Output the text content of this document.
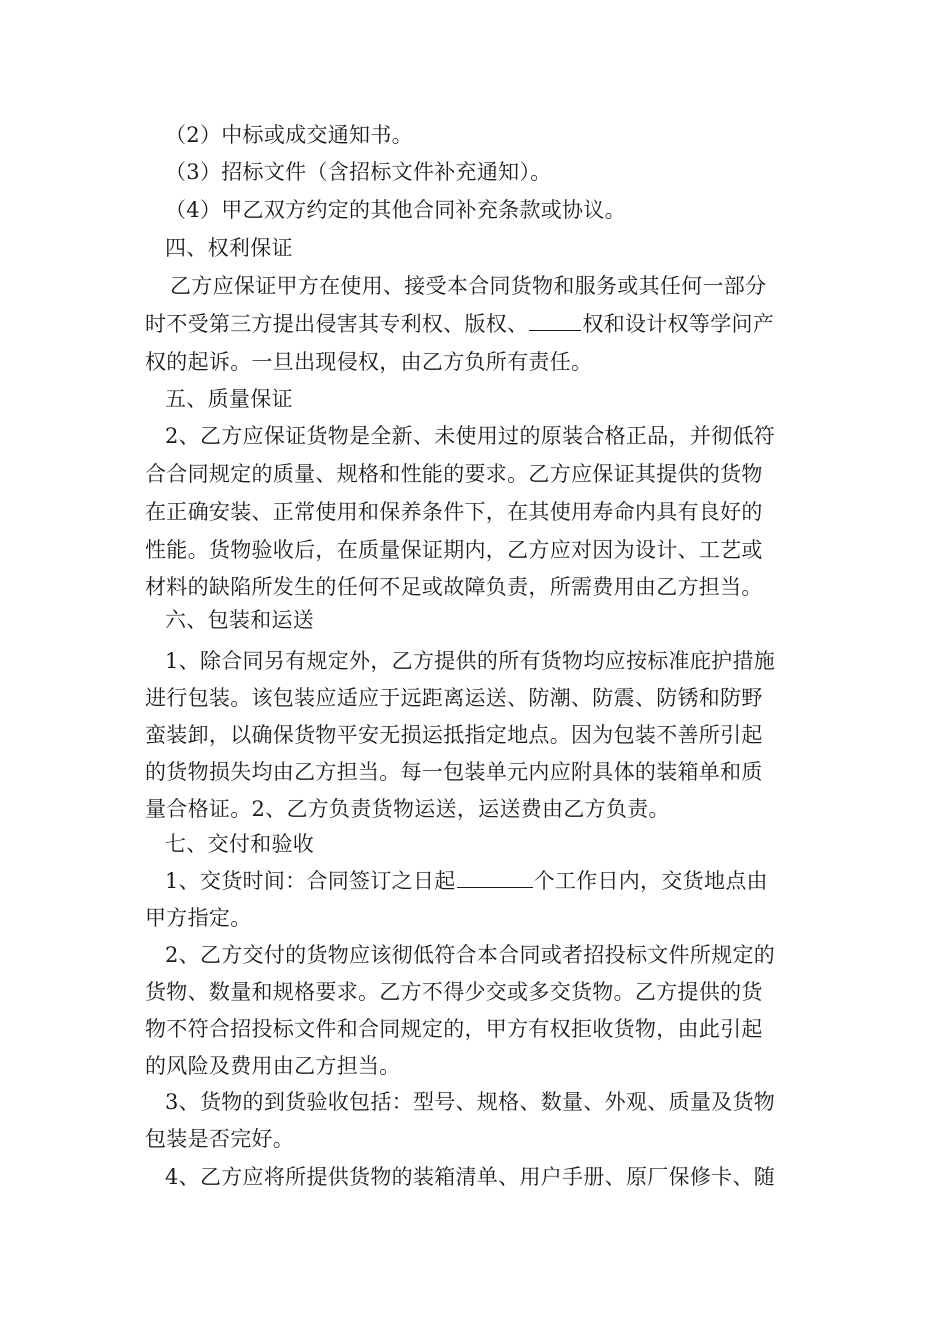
（2）中标或成交通知书。
（3）招标文件（含招标文件补充通知）。
（4）甲乙双方约定的其他合同补充条款或协议。
四、权利保证
乙方应保证甲方在使用、接受本合同货物和服务或其任何一部分
时不受第三方提出侵害其专利权、版权、	权和设计权等学问产
权的起诉。一旦出现侵权，由乙方负所有责任。
五、质量保证
2、乙方应保证货物是全新、未使用过的原装合格正品，并彻低符
合合同规定的质量、规格和性能的要求。乙方应保证其提供的货物
在正确安装、正常使用和保养条件下，在其使用寿命内具有良好的
性能。货物验收后，在质量保证期内，乙方应对因为设计、工艺或
材料的缺陷所发生的任何不足或故障负责，所需费用由乙方担当。
六、包装和运送
1、除合同另有规定外，乙方提供的所有货物均应按标准庇护措施
进行包装。该包装应适应于远距离运送、防潮、防震、防锈和防野
蛮装卸，以确保货物平安无损运抵指定地点。因为包装不善所引起
的货物损失均由乙方担当。每一包装单元内应附具体的装箱单和质
量合格证。2、乙方负责货物运送，运送费由乙方负责。
七、交付和验收
1、交货时间：合同签订之日起	个工作日内，交货地点由
甲方指定。
2、乙方交付的货物应该彻低符合本合同或者招投标文件所规定的
货物、数量和规格要求。乙方不得少交或多交货物。乙方提供的货
物不符合招投标文件和合同规定的，甲方有权拒收货物，由此引起
的风险及费用由乙方担当。
3、货物的到货验收包括：型号、规格、数量、外观、质量及货物
包装是否完好。
4、乙方应将所提供货物的装箱清单、用户手册、原厂保修卡、随
